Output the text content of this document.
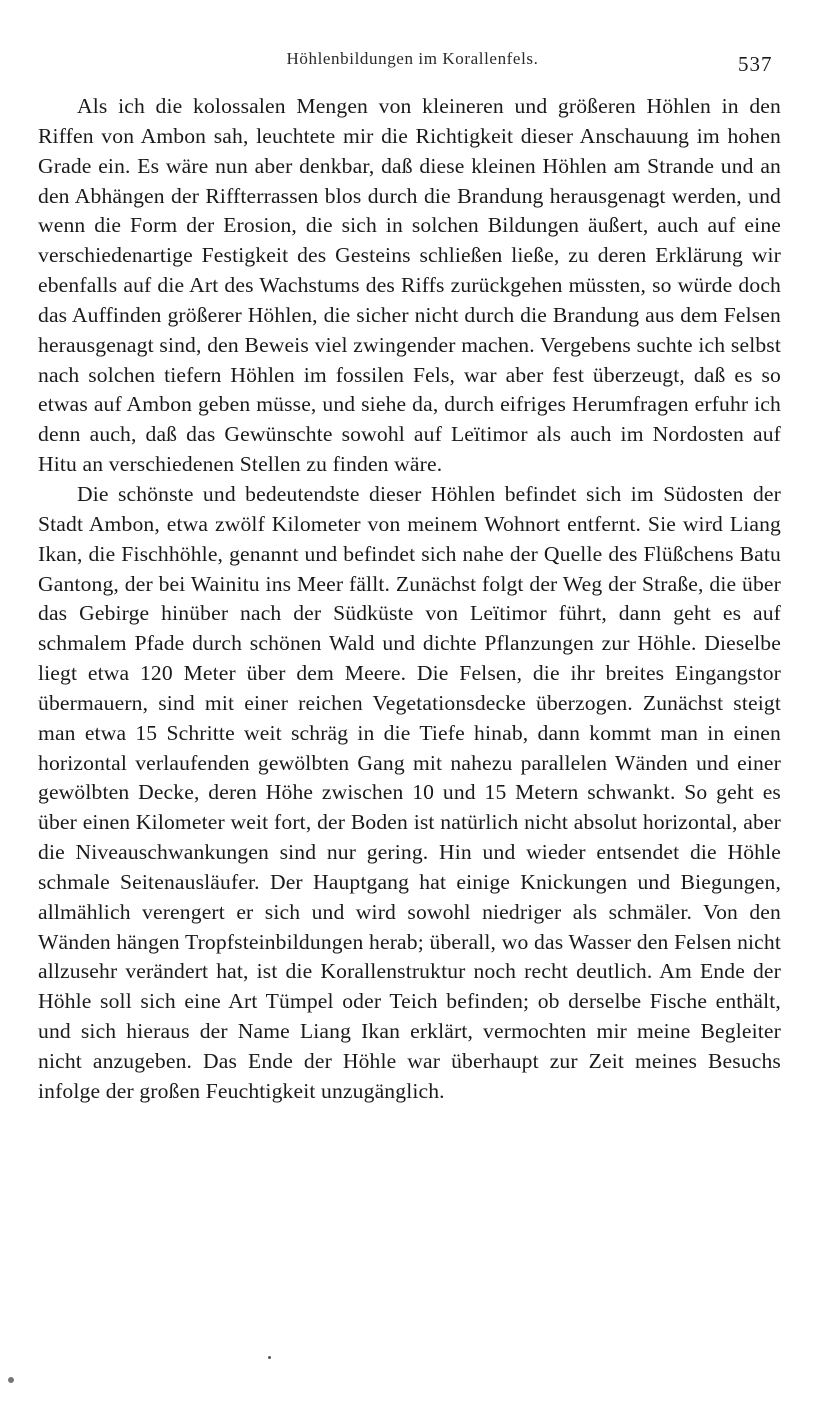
Höhlenbildungen im Korallenfels.	537

Als ich die kolossalen Mengen von kleineren und größeren Höhlen in den Riffen von Ambon sah, leuchtete mir die Richtigkeit dieser Anschauung im hohen Grade ein. Es wäre nun aber denkbar, daß diese kleinen Höhlen am Strande und an den Abhängen der Riffterrassen blos durch die Brandung herausgenagt werden, und wenn die Form der Erosion, die sich in solchen Bildungen äußert, auch auf eine verschiedenartige Festigkeit des Gesteins schließen ließe, zu deren Erklärung wir ebenfalls auf die Art des Wachstums des Riffs zurückgehen müssten, so würde doch das Auffinden größerer Höhlen, die sicher nicht durch die Brandung aus dem Felsen herausgenagt sind, den Beweis viel zwingender machen. Vergebens suchte ich selbst nach solchen tiefern Höhlen im fossilen Fels, war aber fest überzeugt, daß es so etwas auf Ambon geben müsse, und siehe da, durch eifriges Herumfragen erfuhr ich denn auch, daß das Gewünschte sowohl auf Leïtimor als auch im Nordosten auf Hitu an verschiedenen Stellen zu finden wäre.

Die schönste und bedeutendste dieser Höhlen befindet sich im Südosten der Stadt Ambon, etwa zwölf Kilometer von meinem Wohnort entfernt. Sie wird Liang Ikan, die Fischhöhle, genannt und befindet sich nahe der Quelle des Flüßchens Batu Gantong, der bei Wainitu ins Meer fällt. Zunächst folgt der Weg der Straße, die über das Gebirge hinüber nach der Südküste von Leïtimor führt, dann geht es auf schmalem Pfade durch schönen Wald und dichte Pflanzungen zur Höhle. Dieselbe liegt etwa 120 Meter über dem Meere. Die Felsen, die ihr breites Eingangstor übermauern, sind mit einer reichen Vegetationsdecke überzogen. Zunächst steigt man etwa 15 Schritte weit schräg in die Tiefe hinab, dann kommt man in einen horizontal verlaufenden gewölbten Gang mit nahezu parallelen Wänden und einer gewölbten Decke, deren Höhe zwischen 10 und 15 Metern schwankt. So geht es über einen Kilometer weit fort, der Boden ist natürlich nicht absolut horizontal, aber die Niveauschwankungen sind nur gering. Hin und wieder entsendet die Höhle schmale Seitenausläufer. Der Hauptgang hat einige Knickungen und Biegungen, allmählich verengert er sich und wird sowohl niedriger als schmäler. Von den Wänden hängen Tropfsteinbildungen herab; überall, wo das Wasser den Felsen nicht allzusehr verändert hat, ist die Korallenstruktur noch recht deutlich. Am Ende der Höhle soll sich eine Art Tümpel oder Teich befinden; ob derselbe Fische enthält, und sich hieraus der Name Liang Ikan erklärt, vermochten mir meine Begleiter nicht anzugeben. Das Ende der Höhle war überhaupt zur Zeit meines Besuchs infolge der großen Feuchtigkeit unzugänglich.
